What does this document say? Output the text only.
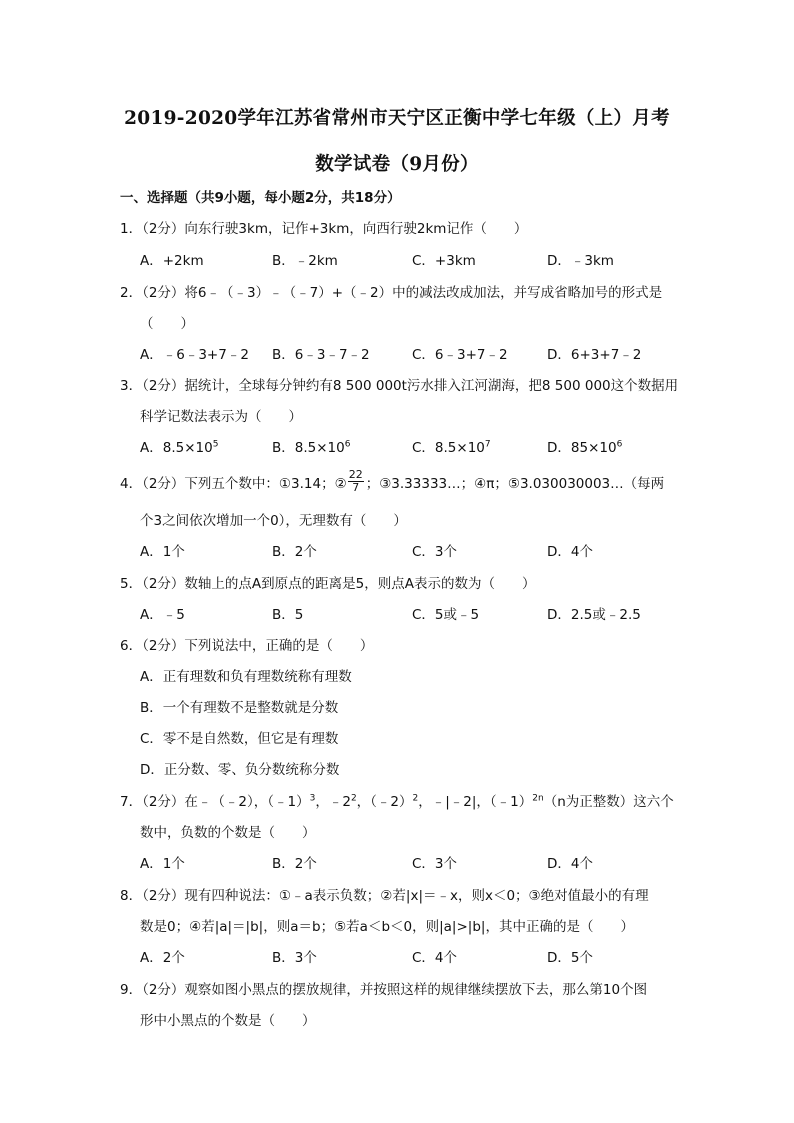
2019-2020学年江苏省常州市天宁区正衡中学七年级（上）月考
数学试卷（9月份）
一、选择题（共9小题，每小题2分，共18分）
1．（2分）向东行驶3km，记作+3km，向西行驶2km记作（　　）
A．+2km	B．﹣2km	C．+3km	D．﹣3km
2．（2分）将6﹣（﹣3）﹣（﹣7）+（﹣2）中的减法改成加法，并写成省略加号的形式是
（　　）
A．﹣6﹣3+7﹣2 B．6﹣3﹣7﹣2	C．6﹣3+7﹣2	D．6+3+7﹣2
3．（2分）据统计，全球每分钟约有8 500 000t污水排入江河湖海，把8 500 000这个数据用
科学记数法表示为（　　）
A．$8.5\times 10^5$	B．$8.5\times 10^6$	C．$8.5\times 10^7$	D．$85\times 10^6$
4．（2分）下列五个数中：①3.14；② $\frac{22}{7}$ ；③3.33333…；④π；⑤3.030030003…（每两
个3之间依次增加一个0），无理数有（　　）
A．1个	B．2个	C．3个	D．4个
5．（2分）数轴上的点A到原点的距离是5，则点A表示的数为（　　）
A．﹣5	B．5	C．5或﹣5	D．2.5或﹣2.5
6．（2分）下列说法中，正确的是（　　）
A．正有理数和负有理数统称有理数
B．一个有理数不是整数就是分数
C．零不是自然数，但它是有理数
D．正分数、零、负分数统称分数
7．（2分）在﹣（﹣2），（﹣1）$^3$，$﹣2^2$，（﹣2）$^2$，﹣|﹣2|，（﹣1）$^{2n}$（n为正整数）这六个
数中，负数的个数是（　　）
A．1个	B．2个	C．3个	D．4个
8．（2分）现有四种说法：①﹣a表示负数；②若|x|＝﹣x，则x＜0；③绝对值最小的有理
数是0；④若|a|＝|b|，则a＝b；⑤若a＜b＜0，则|a|>|b|，其中正确的是（　　）
A．2个	B．3个	C．4个	D．5个
9．（2分）观察如图小黑点的摆放规律，并按照这样的规律继续摆放下去，那么第10个图
形中小黑点的个数是（　　）
